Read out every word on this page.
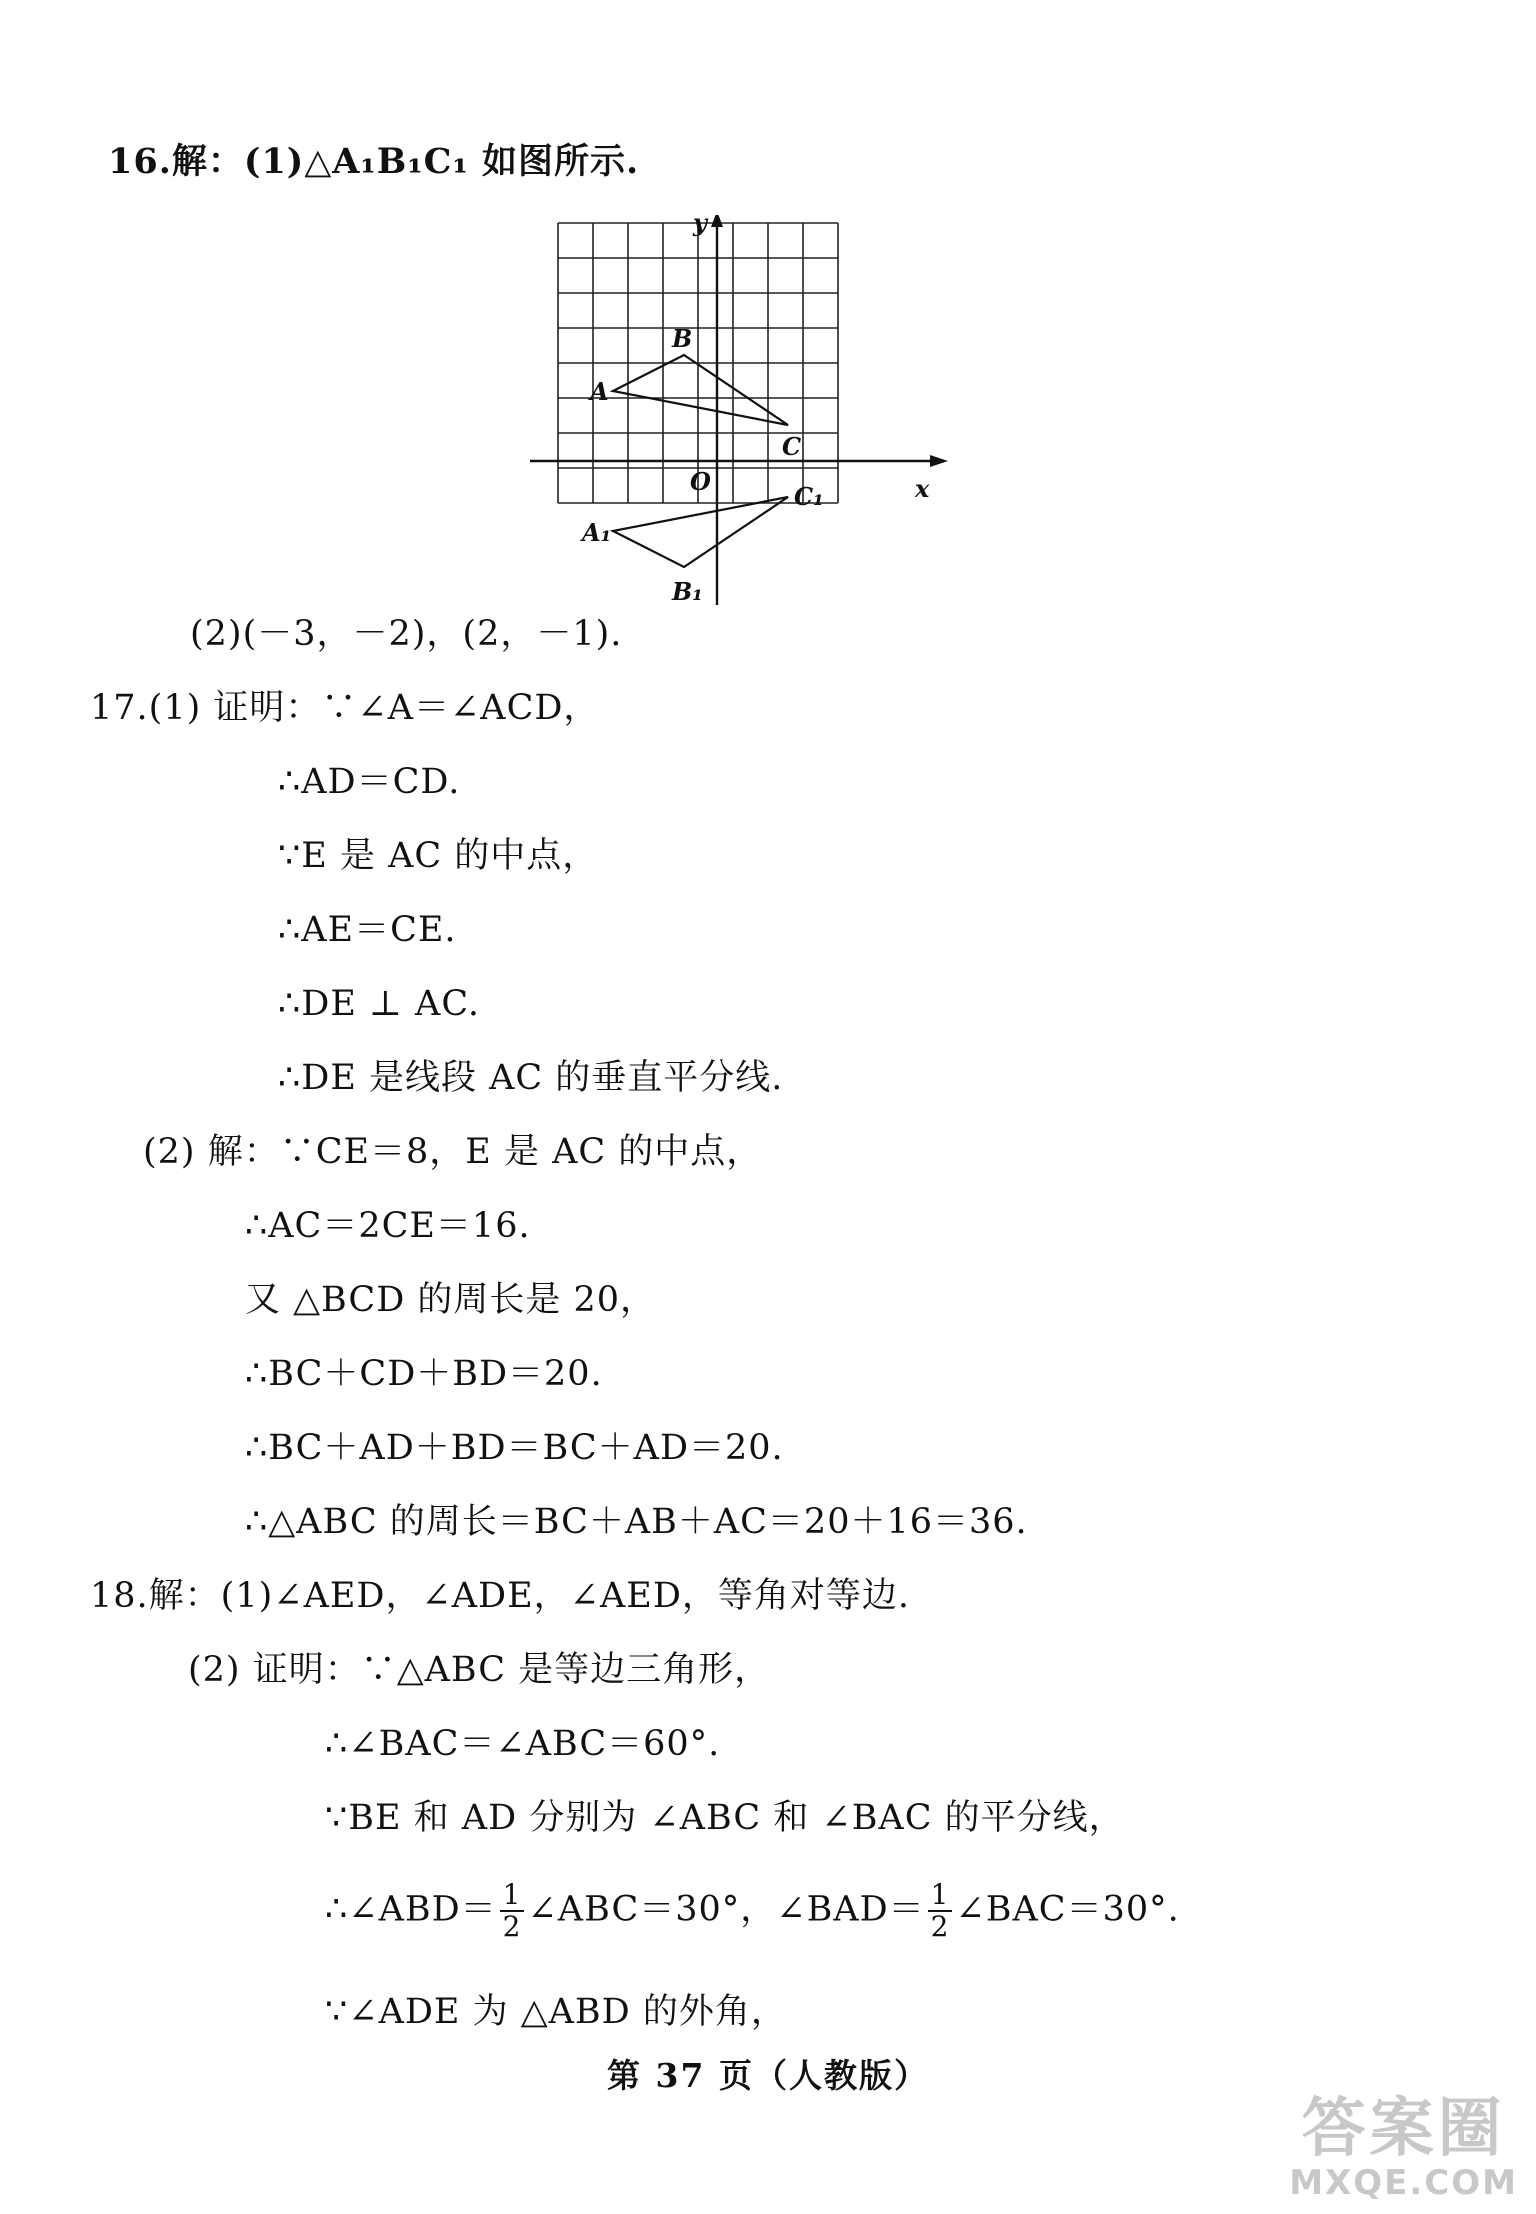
16.解：(1)△A₁B₁C₁ 如图所示.
y
x
O
A
B
C
A₁
B₁
C₁
(2)(－3，－2)，(2，－1).
17.(1) 证明：∵∠A＝∠ACD，
∴AD＝CD.
∵E 是 AC 的中点，
∴AE＝CE.
∴DE ⊥ AC.
∴DE 是线段 AC 的垂直平分线.
(2) 解：∵CE＝8，E 是 AC 的中点，
∴AC＝2CE＝16.
又 △BCD 的周长是 20，
∴BC＋CD＋BD＝20.
∴BC＋AD＋BD＝BC＋AD＝20.
∴△ABC 的周长＝BC＋AB＋AC＝20＋16＝36.
18.解：(1)∠AED，∠ADE，∠AED，等角对等边.
(2) 证明：∵△ABC 是等边三角形，
∴∠BAC＝∠ABC＝60°.
∵BE 和 AD 分别为 ∠ABC 和 ∠BAC 的平分线，
∴∠ABD＝ $\frac{1}{2}$ ∠ABC＝30°，∠BAD＝ $\frac{1}{2}$ ∠BAC＝30°.
∵∠ADE 为 △ABD 的外角，
第 37 页（人教版）
答案圈
MXQE.COM
